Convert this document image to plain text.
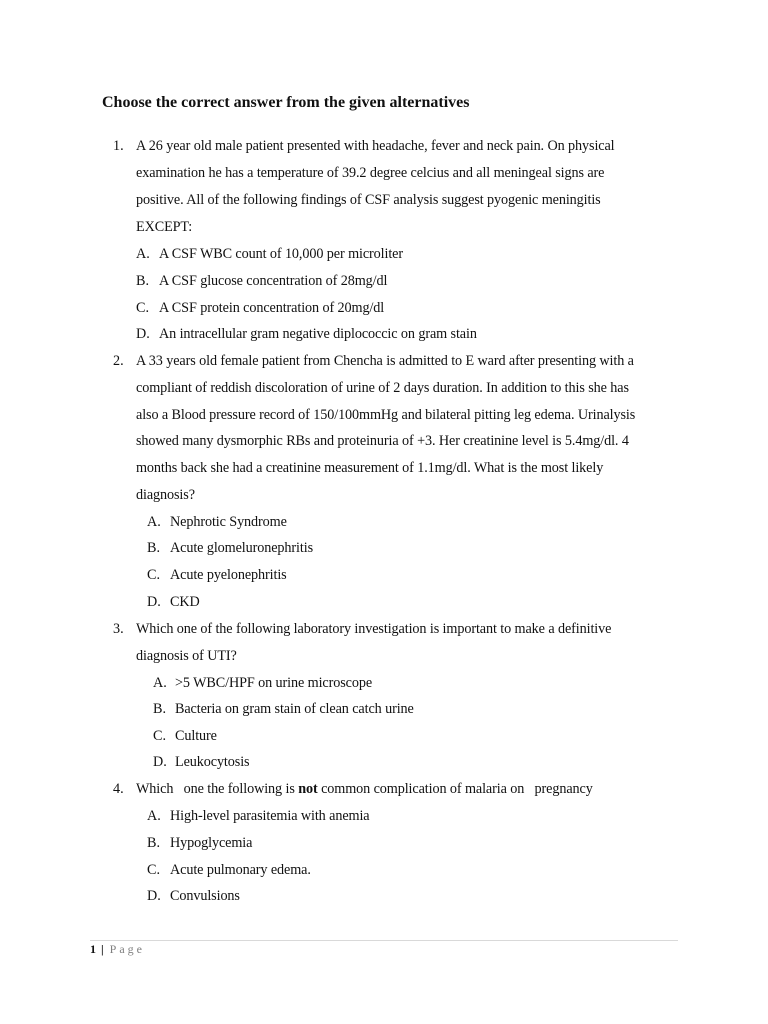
Choose the correct answer from the given alternatives
1. A 26 year old male patient presented with headache, fever and neck pain. On physical
examination he has a temperature of 39.2 degree celcius and all meningeal signs are
positive. All of the following findings of CSF analysis suggest pyogenic meningitis
EXCEPT:
A. A CSF WBC count of 10,000 per microliter
B. A CSF glucose concentration of 28mg/dl
C. A CSF protein concentration of 20mg/dl
D. An intracellular gram negative diplococcic on gram stain
2. A 33 years old female patient from Chencha is admitted to E ward after presenting with a
compliant of reddish discoloration of urine of 2 days duration. In addition to this she has
also a Blood pressure record of 150/100mmHg and bilateral pitting leg edema. Urinalysis
showed many dysmorphic RBs and proteinuria of +3. Her creatinine level is 5.4mg/dl. 4
months back she had a creatinine measurement of 1.1mg/dl. What is the most likely
diagnosis?
A. Nephrotic Syndrome
B. Acute glomeluronephritis
C. Acute pyelonephritis
D. CKD
3. Which one of the following laboratory investigation is important to make a definitive
diagnosis of UTI?
A. >5 WBC/HPF on urine microscope
B. Bacteria on gram stain of clean catch urine
C. Culture
D. Leukocytosis
4. Which   one the following is not common complication of malaria on   pregnancy
A. High-level parasitemia with anemia
B. Hypoglycemia
C. Acute pulmonary edema.
D. Convulsions
1 | Page
